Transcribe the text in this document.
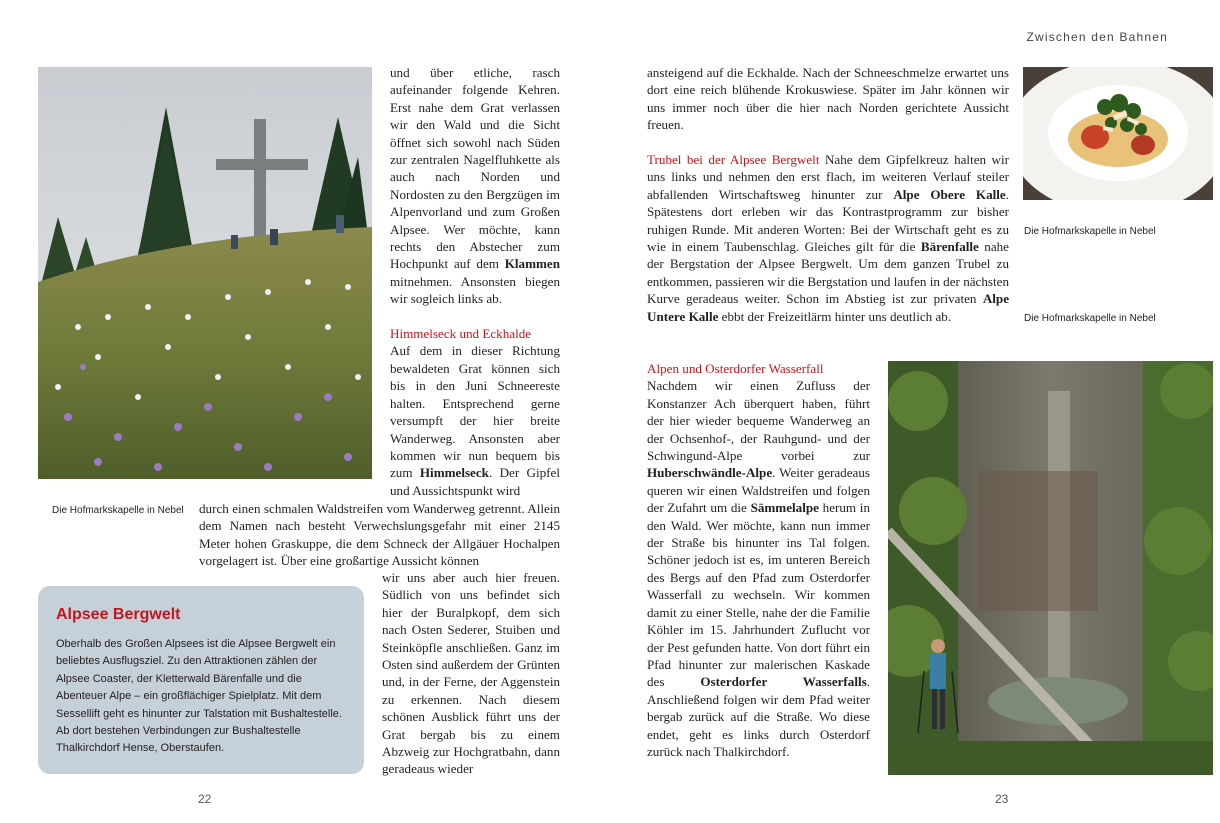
Die Hofmarkskapelle in Nebel

und über etliche, rasch aufeinander folgende Kehren. Erst nahe dem Grat verlassen wir den Wald und die Sicht öffnet sich sowohl nach Süden zur zentralen Nagelfluhkette als auch nach Norden und Nordosten zu den Bergzügen im Alpenvorland und zum Großen Alpsee. Wer möchte, kann rechts den Abstecher zum Hochpunkt auf dem Klammen mitnehmen. Ansonsten biegen wir sogleich links ab.

Himmelseck und Eckhalde
Auf dem in dieser Richtung bewaldeten Grat können sich bis in den Juni Schneereste halten. Entsprechend gerne versumpft der hier breite Wanderweg. Ansonsten aber kommen wir nun bequem bis zum Himmelseck. Der Gipfel und Aussichtspunkt wird

durch einen schmalen Waldstreifen vom Wanderweg getrennt. Allein dem Namen nach besteht Verwechslungsgefahr mit einer 2145 Meter hohen Graskuppe, die dem Schneck der Allgäuer Hochalpen vorgelagert ist. Über eine großartige Aussicht können

wir uns aber auch hier freuen. Südlich von uns befindet sich hier der Buralpkopf, dem sich nach Osten Sederer, Stuiben und Steinköpfle anschließen. Ganz im Osten sind außerdem der Grünten und, in der Ferne, der Aggenstein zu erkennen. Nach diesem schönen Ausblick führt uns der Grat bergab bis zu einem Abzweig zur Hochgratbahn, dann geradeaus wieder

Alpsee Bergwelt
Oberhalb des Großen Alpsees ist die Alpsee Bergwelt ein beliebtes Ausflugsziel. Zu den Attraktionen zählen der Alpsee Coaster, der Kletterwald Bärenfalle und die Abenteuer Alpe – ein großflächiger Spielplatz. Mit dem Sessellift geht es hinunter zur Talstation mit Bushaltestelle. Ab dort bestehen Verbindungen zur Bushaltestelle Thalkirchdorf Hense, Oberstaufen.
22
Zwischen den Bahnen

ansteigend auf die Eckhalde. Nach der Schneeschmelze erwartet uns dort eine reich blühende Krokuswiese. Später im Jahr können wir uns immer noch über die hier nach Norden gerichtete Aussicht freuen.

Trubel bei der Alpsee Bergwelt Nahe dem Gipfelkreuz halten wir uns links und nehmen den erst flach, im weiteren Verlauf steiler abfallenden Wirtschaftsweg hinunter zur Alpe Obere Kalle. Spätestens dort erleben wir das Kontrastprogramm zur bisher ruhigen Runde. Mit anderen Worten: Bei der Wirtschaft geht es zu wie in einem Taubenschlag. Gleiches gilt für die Bärenfalle nahe der Bergstation der Alpsee Bergwelt. Um dem ganzen Trubel zu entkommen, passieren wir die Bergstation und laufen in der nächsten Kurve geradeaus weiter. Schon im Abstieg ist zur privaten Alpe Untere Kalle ebbt der Freizeitlärm hinter uns deutlich ab.

Alpen und Osterdorfer Wasserfall
Nachdem wir einen Zufluss der Konstanzer Ach überquert haben, führt der hier wieder bequeme Wanderweg an der Ochsenhof-, der Rauhgund- und der Schwingund-Alpe vorbei zur Huberschwändle-Alpe. Weiter geradeaus queren wir einen Waldstreifen und folgen der Zufahrt um die Sämmelalpe herum in den Wald. Wer möchte, kann nun immer der Straße bis hinunter ins Tal folgen. Schöner jedoch ist es, im unteren Bereich des Bergs auf den Pfad zum Osterdorfer Wasserfall zu wechseln. Wir kommen damit zu einer Stelle, nahe der die Familie Köhler im 15. Jahrhundert Zuflucht vor der Pest gefunden hatte. Von dort führt ein Pfad hinunter zur malerischen Kaskade des Osterdorfer Wasserfalls. Anschließend folgen wir dem Pfad weiter bergab zurück auf die Straße. Wo diese endet, geht es links durch Osterdorf zurück nach Thalkirchdorf.

Die Hofmarkskapelle in Nebel
Die Hofmarkskapelle in Nebel
23
